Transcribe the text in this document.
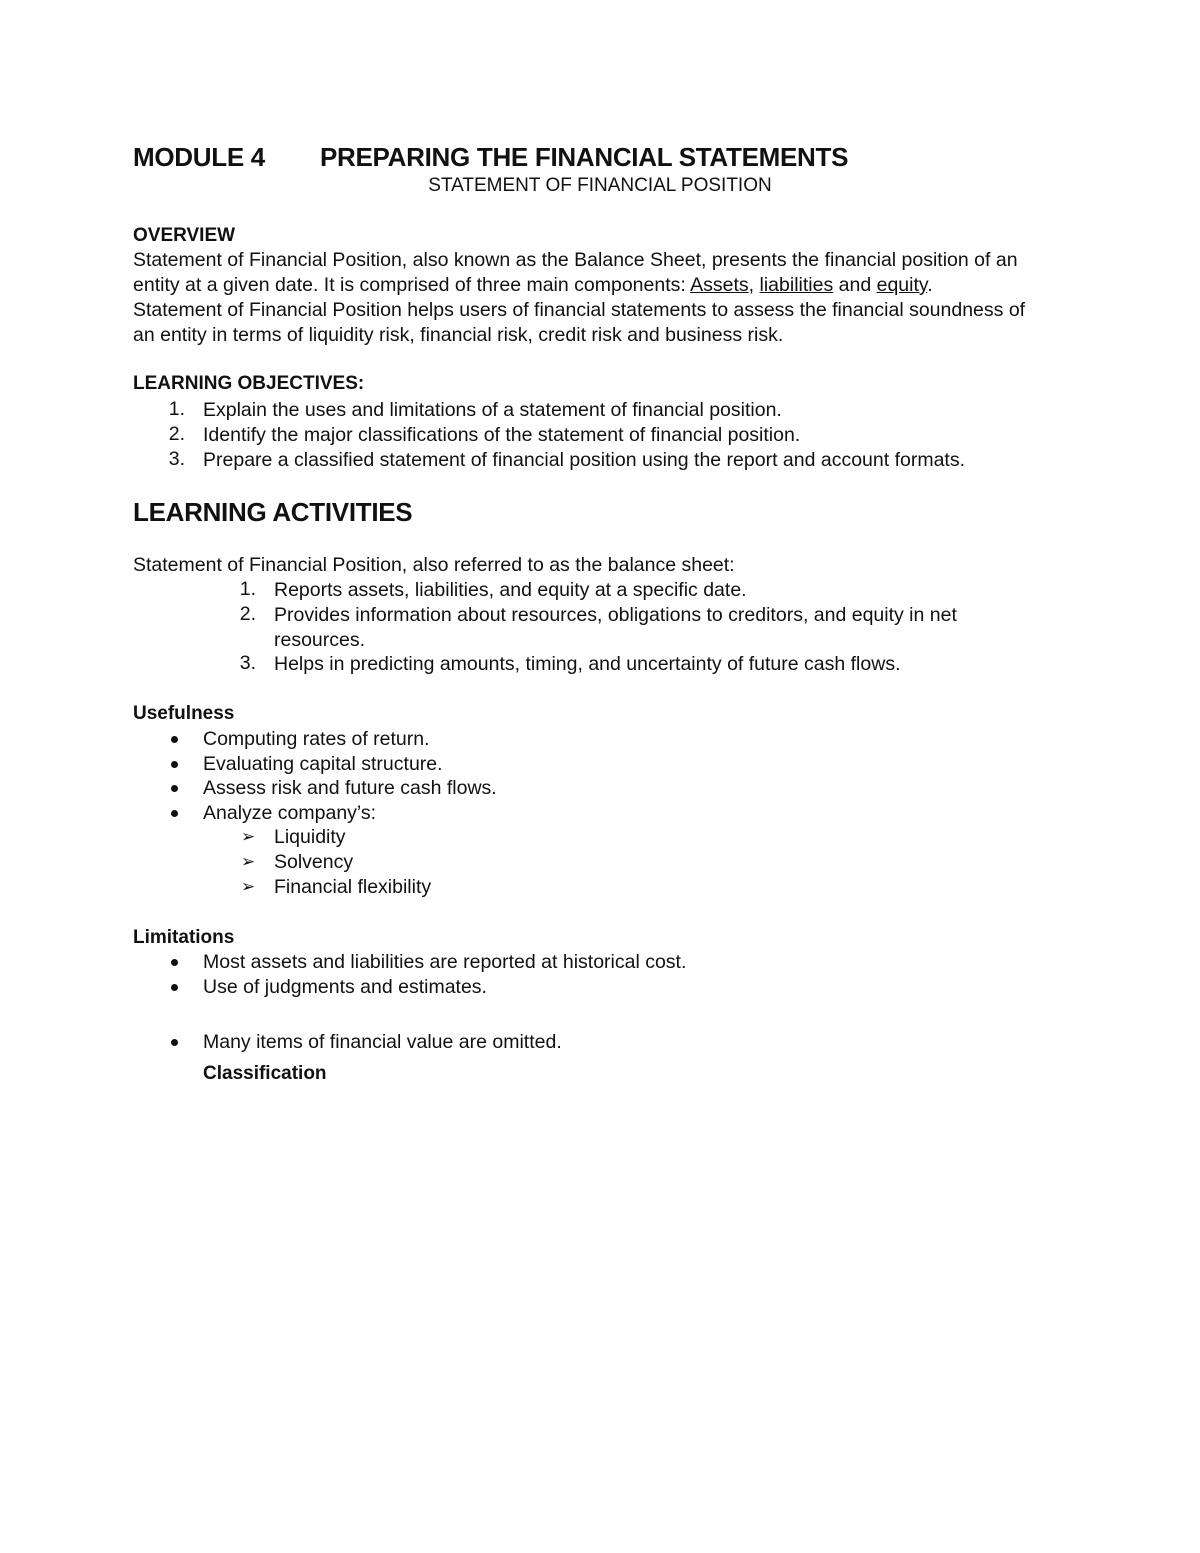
MODULE 4 PREPARING THE FINANCIAL STATEMENTS
STATEMENT OF FINANCIAL POSITION
OVERVIEW
Statement of Financial Position, also known as the Balance Sheet, presents the financial position of an
entity at a given date. It is comprised of three main components: Assets, liabilities and equity.
Statement of Financial Position helps users of financial statements to assess the financial soundness of
an entity in terms of liquidity risk, financial risk, credit risk and business risk.
LEARNING OBJECTIVES:
1. Explain the uses and limitations of a statement of financial position.
2. Identify the major classifications of the statement of financial position.
3. Prepare a classified statement of financial position using the report and account formats.
LEARNING ACTIVITIES
Statement of Financial Position, also referred to as the balance sheet:
1. Reports assets, liabilities, and equity at a specific date.
2. Provides information about resources, obligations to creditors, and equity in net
resources.
3. Helps in predicting amounts, timing, and uncertainty of future cash flows.
Usefulness
Computing rates of return.
Evaluating capital structure.
Assess risk and future cash flows.
Analyze company’s:
➢ Liquidity
➢ Solvency
➢ Financial flexibility
Limitations
Most assets and liabilities are reported at historical cost.
Use of judgments and estimates.
Many items of financial value are omitted.
Classification
